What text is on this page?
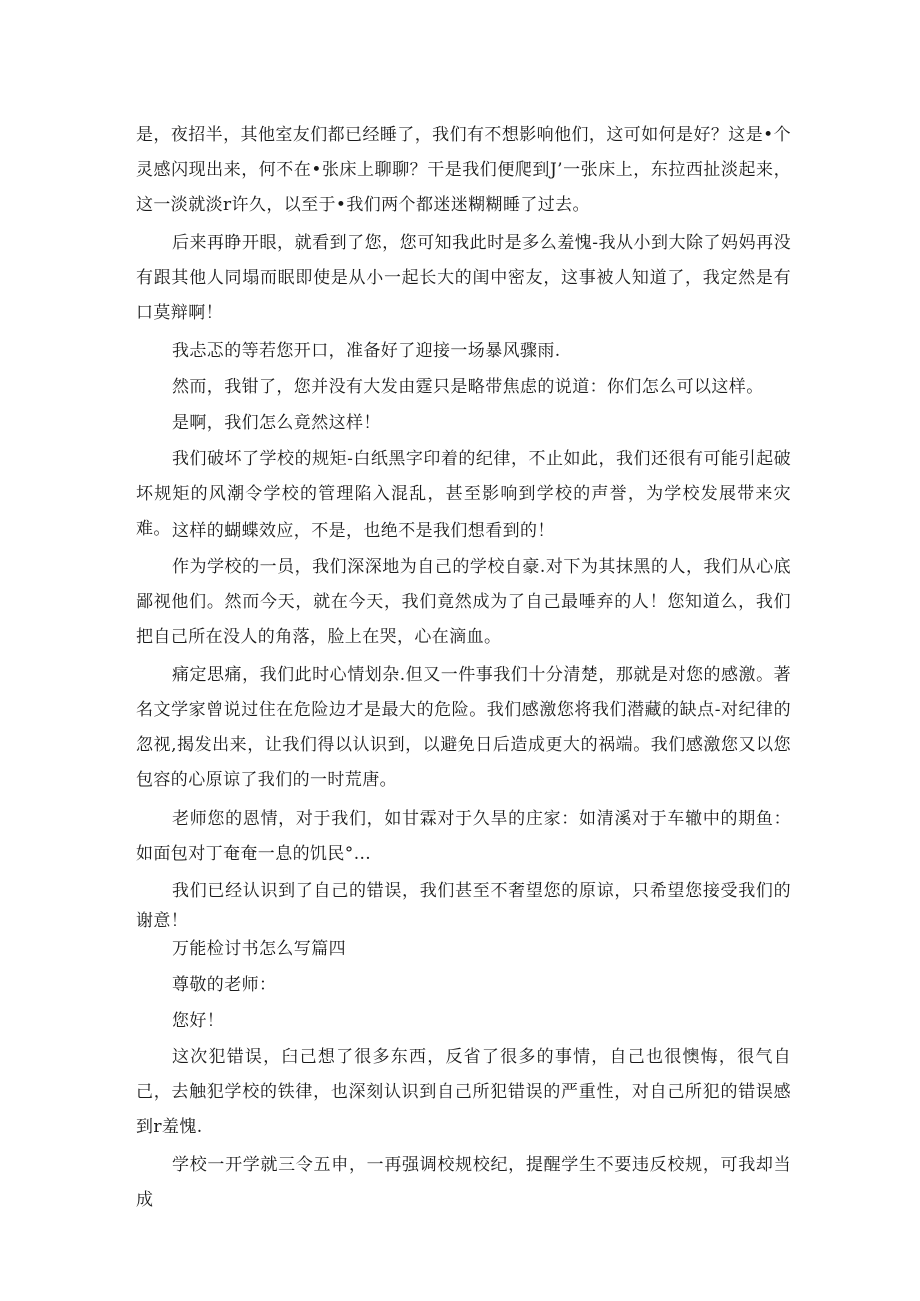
是，夜招半，其他室友们都已经睡了，我们有不想影响他们，这可如何是好？这是•个灵感闪现出来，何不在•张床上聊聊？干是我们便爬到J’一张床上，东拉西扯淡起来，这一淡就淡r许久，以至于•我们两个都迷迷糊糊睡了过去。

后来再睁开眼，就看到了您，您可知我此时是多么羞愧-我从小到大除了妈妈再没有跟其他人同塌而眠即使是从小一起长大的闺中密友，这事被人知道了，我定然是有口莫辩啊！

我忐忑的等若您开口，准备好了迎接一场暴风骤雨.

然而，我钳了，您并没有大发由霆只是略带焦虑的说道：你们怎么可以这样。

是啊，我们怎么竟然这样！

我们破坏了学校的规矩-白纸黑字印着的纪律，不止如此，我们还很有可能引起破坏规矩的风潮令学校的管理陷入混乱，甚至影响到学校的声誉，为学校发展带来灾难。 这样的蝴蝶效应，不是，也绝不是我们想看到的！

作为学校的一员，我们深深地为自己的学校自豪.对下为其抹黑的人，我们从心底鄙视他们。然而今天，就在今天，我们竟然成为了自己最唾弃的人！您知道么，我们把自己所在没人的角落，脸上在哭，心在滴血。

痛定思痛，我们此时心情划杂.但又一件事我们十分清楚，那就是对您的感激。著名文学家曾说过住在危险边才是最大的危险。我们感激您将我们潜藏的缺点-对纪律的忽视,揭发出来，让我们得以认识到，以避免日后造成更大的祸端。我们感激您又以您包容的心原谅了我们的一时荒唐。

老师您的恩情，对于我们，如甘霖对于久旱的庄家：如清溪对于车辙中的期鱼：如面包对丁奄奄一息的饥民°...

我们已经认识到了自己的错误，我们甚至不奢望您的原谅，只希望您接受我们的谢意！

万能检讨书怎么写篇四

尊敬的老师：

您好！

这次犯错误，臼己想了很多东西，反省了很多的事情，自己也很懊悔，很气自己，去触犯学校的铁律，也深刻认识到自己所犯错误的严重性，对自己所犯的错误感到r羞愧.

学校一开学就三令五申，一再强调校规校纪，提醒学生不要违反校规，可我却当成
